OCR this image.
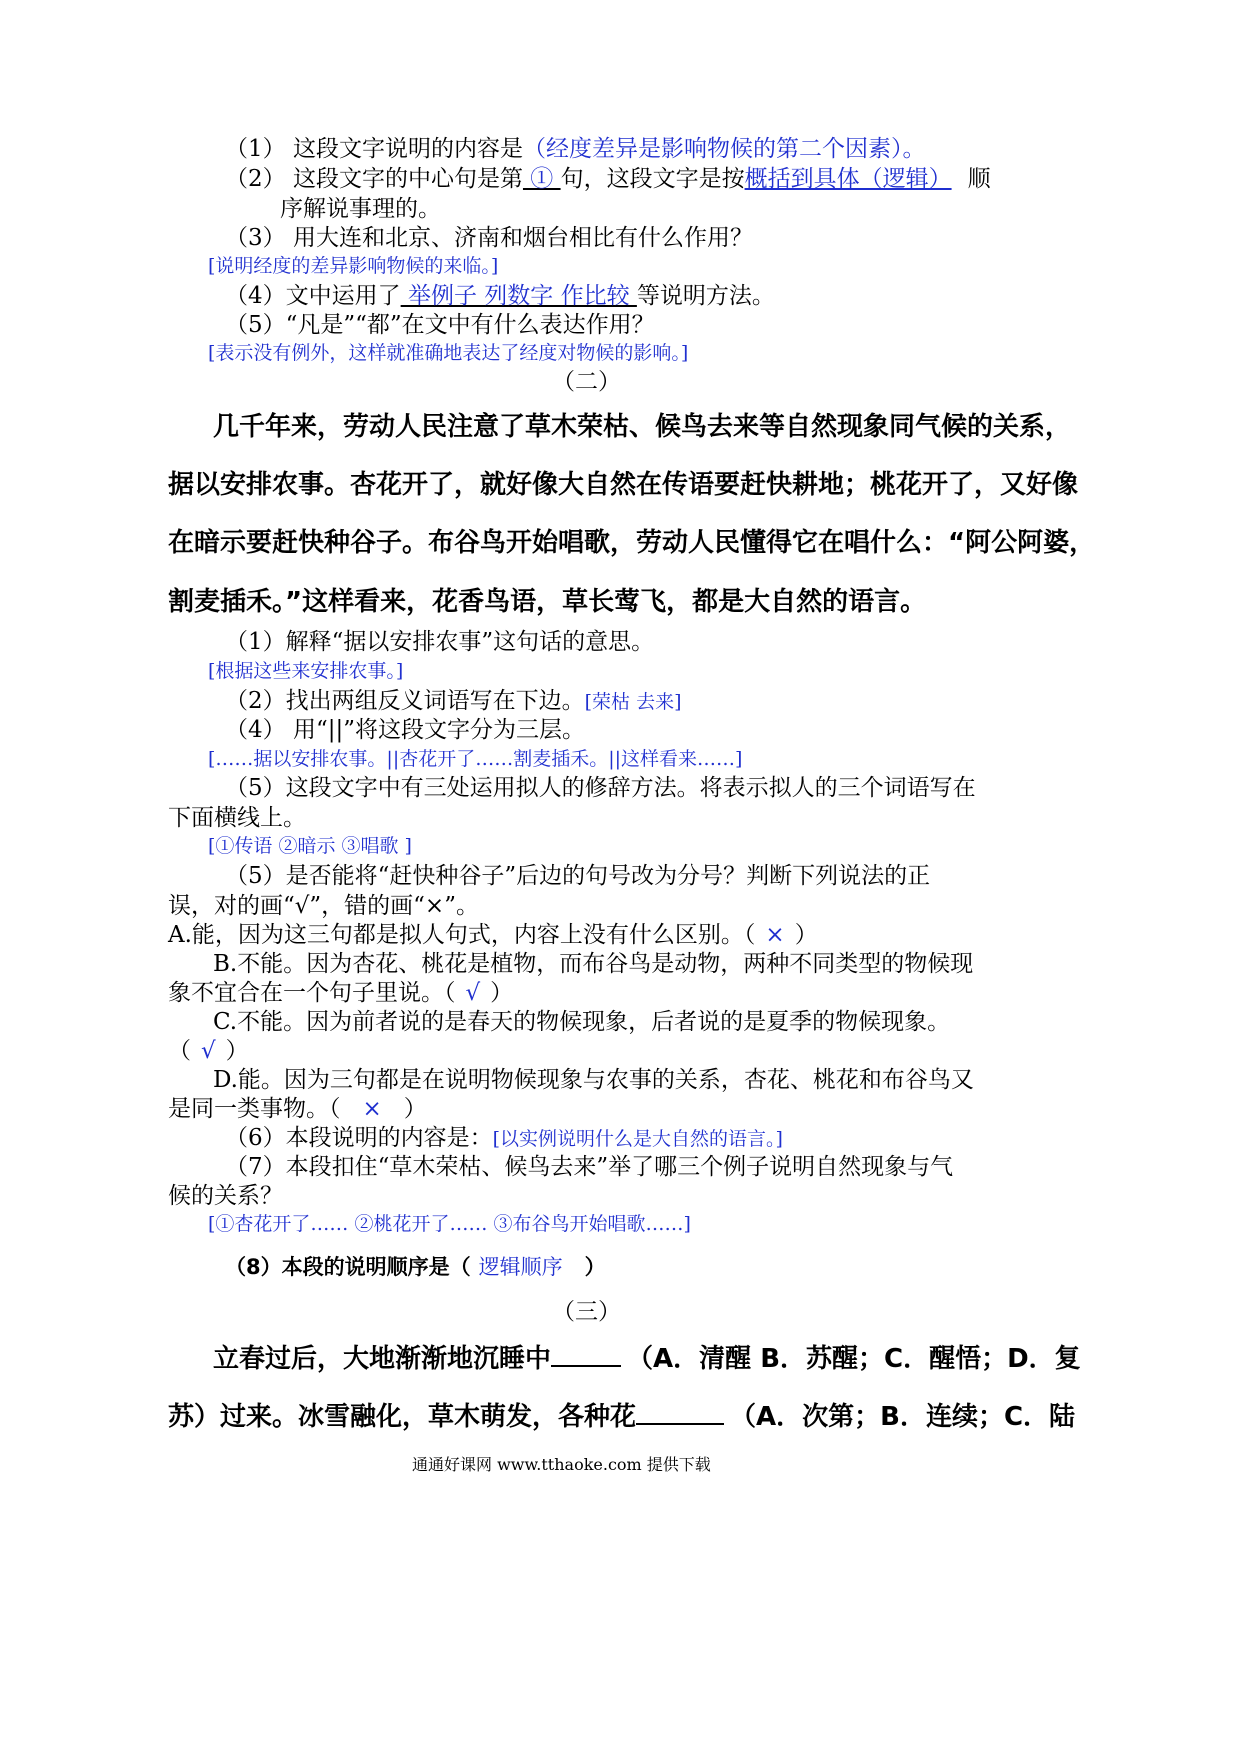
（1） 这段文字说明的内容是（经度差异是影响物候的第二个因素）。
（2） 这段文字的中心句是第 ① 句，这段文字是按概括到具体（逻辑） 顺
序解说事理的。
（3） 用大连和北京、济南和烟台相比有什么作用？
[说明经度的差异影响物候的来临。]
（4）文中运用了 举例子 列数字 作比较 等说明方法。
（5）“凡是”“都”在文中有什么表达作用？
[表示没有例外，这样就准确地表达了经度对物候的影响。]
（二）
几千年来，劳动人民注意了草木荣枯、候鸟去来等自然现象同气候的关系，
据以安排农事。杏花开了，就好像大自然在传语要赶快耕地；桃花开了，又好像
在暗示要赶快种谷子。布谷鸟开始唱歌，劳动人民懂得它在唱什么：“阿公阿婆，
割麦插禾。”这样看来，花香鸟语，草长莺飞，都是大自然的语言。
（1）解释“据以安排农事”这句话的意思。
[根据这些来安排农事。]
（2）找出两组反义词语写在下边。[荣枯 去来]
（4） 用“||”将这段文字分为三层。
[……据以安排农事。||杏花开了……割麦插禾。||这样看来……]
（5）这段文字中有三处运用拟人的修辞方法。将表示拟人的三个词语写在
下面横线上。
[①传语 ②暗示 ③唱歌 ]
（5）是否能将“赶快种谷子”后边的句号改为分号？判断下列说法的正
误，对的画“√”，错的画“×”。
A.能，因为这三句都是拟人句式，内容上没有什么区别。（ × ）
B.不能。因为杏花、桃花是植物，而布谷鸟是动物，两种不同类型的物候现
象不宜合在一个句子里说。（ √ ）
C.不能。因为前者说的是春天的物候现象，后者说的是夏季的物候现象。
（ √ ）
D.能。因为三句都是在说明物候现象与农事的关系，杏花、桃花和布谷鸟又
是同一类事物。（ × ）
（6）本段说明的内容是：[以实例说明什么是大自然的语言。]
（7）本段扣住“草木荣枯、候鸟去来”举了哪三个例子说明自然现象与气
候的关系？
[①杏花开了…… ②桃花开了…… ③布谷鸟开始唱歌……]
（8）本段的说明顺序是（ 逻辑顺序 ）
（三）
立春过后，大地渐渐地沉睡中	（A．清醒 B．苏醒；C．醒悟；D．复
苏）过来。冰雪融化，草木萌发，各种花	（A．次第；B．连续；C．陆
通通好课网 www.tthaoke.com 提供下载
